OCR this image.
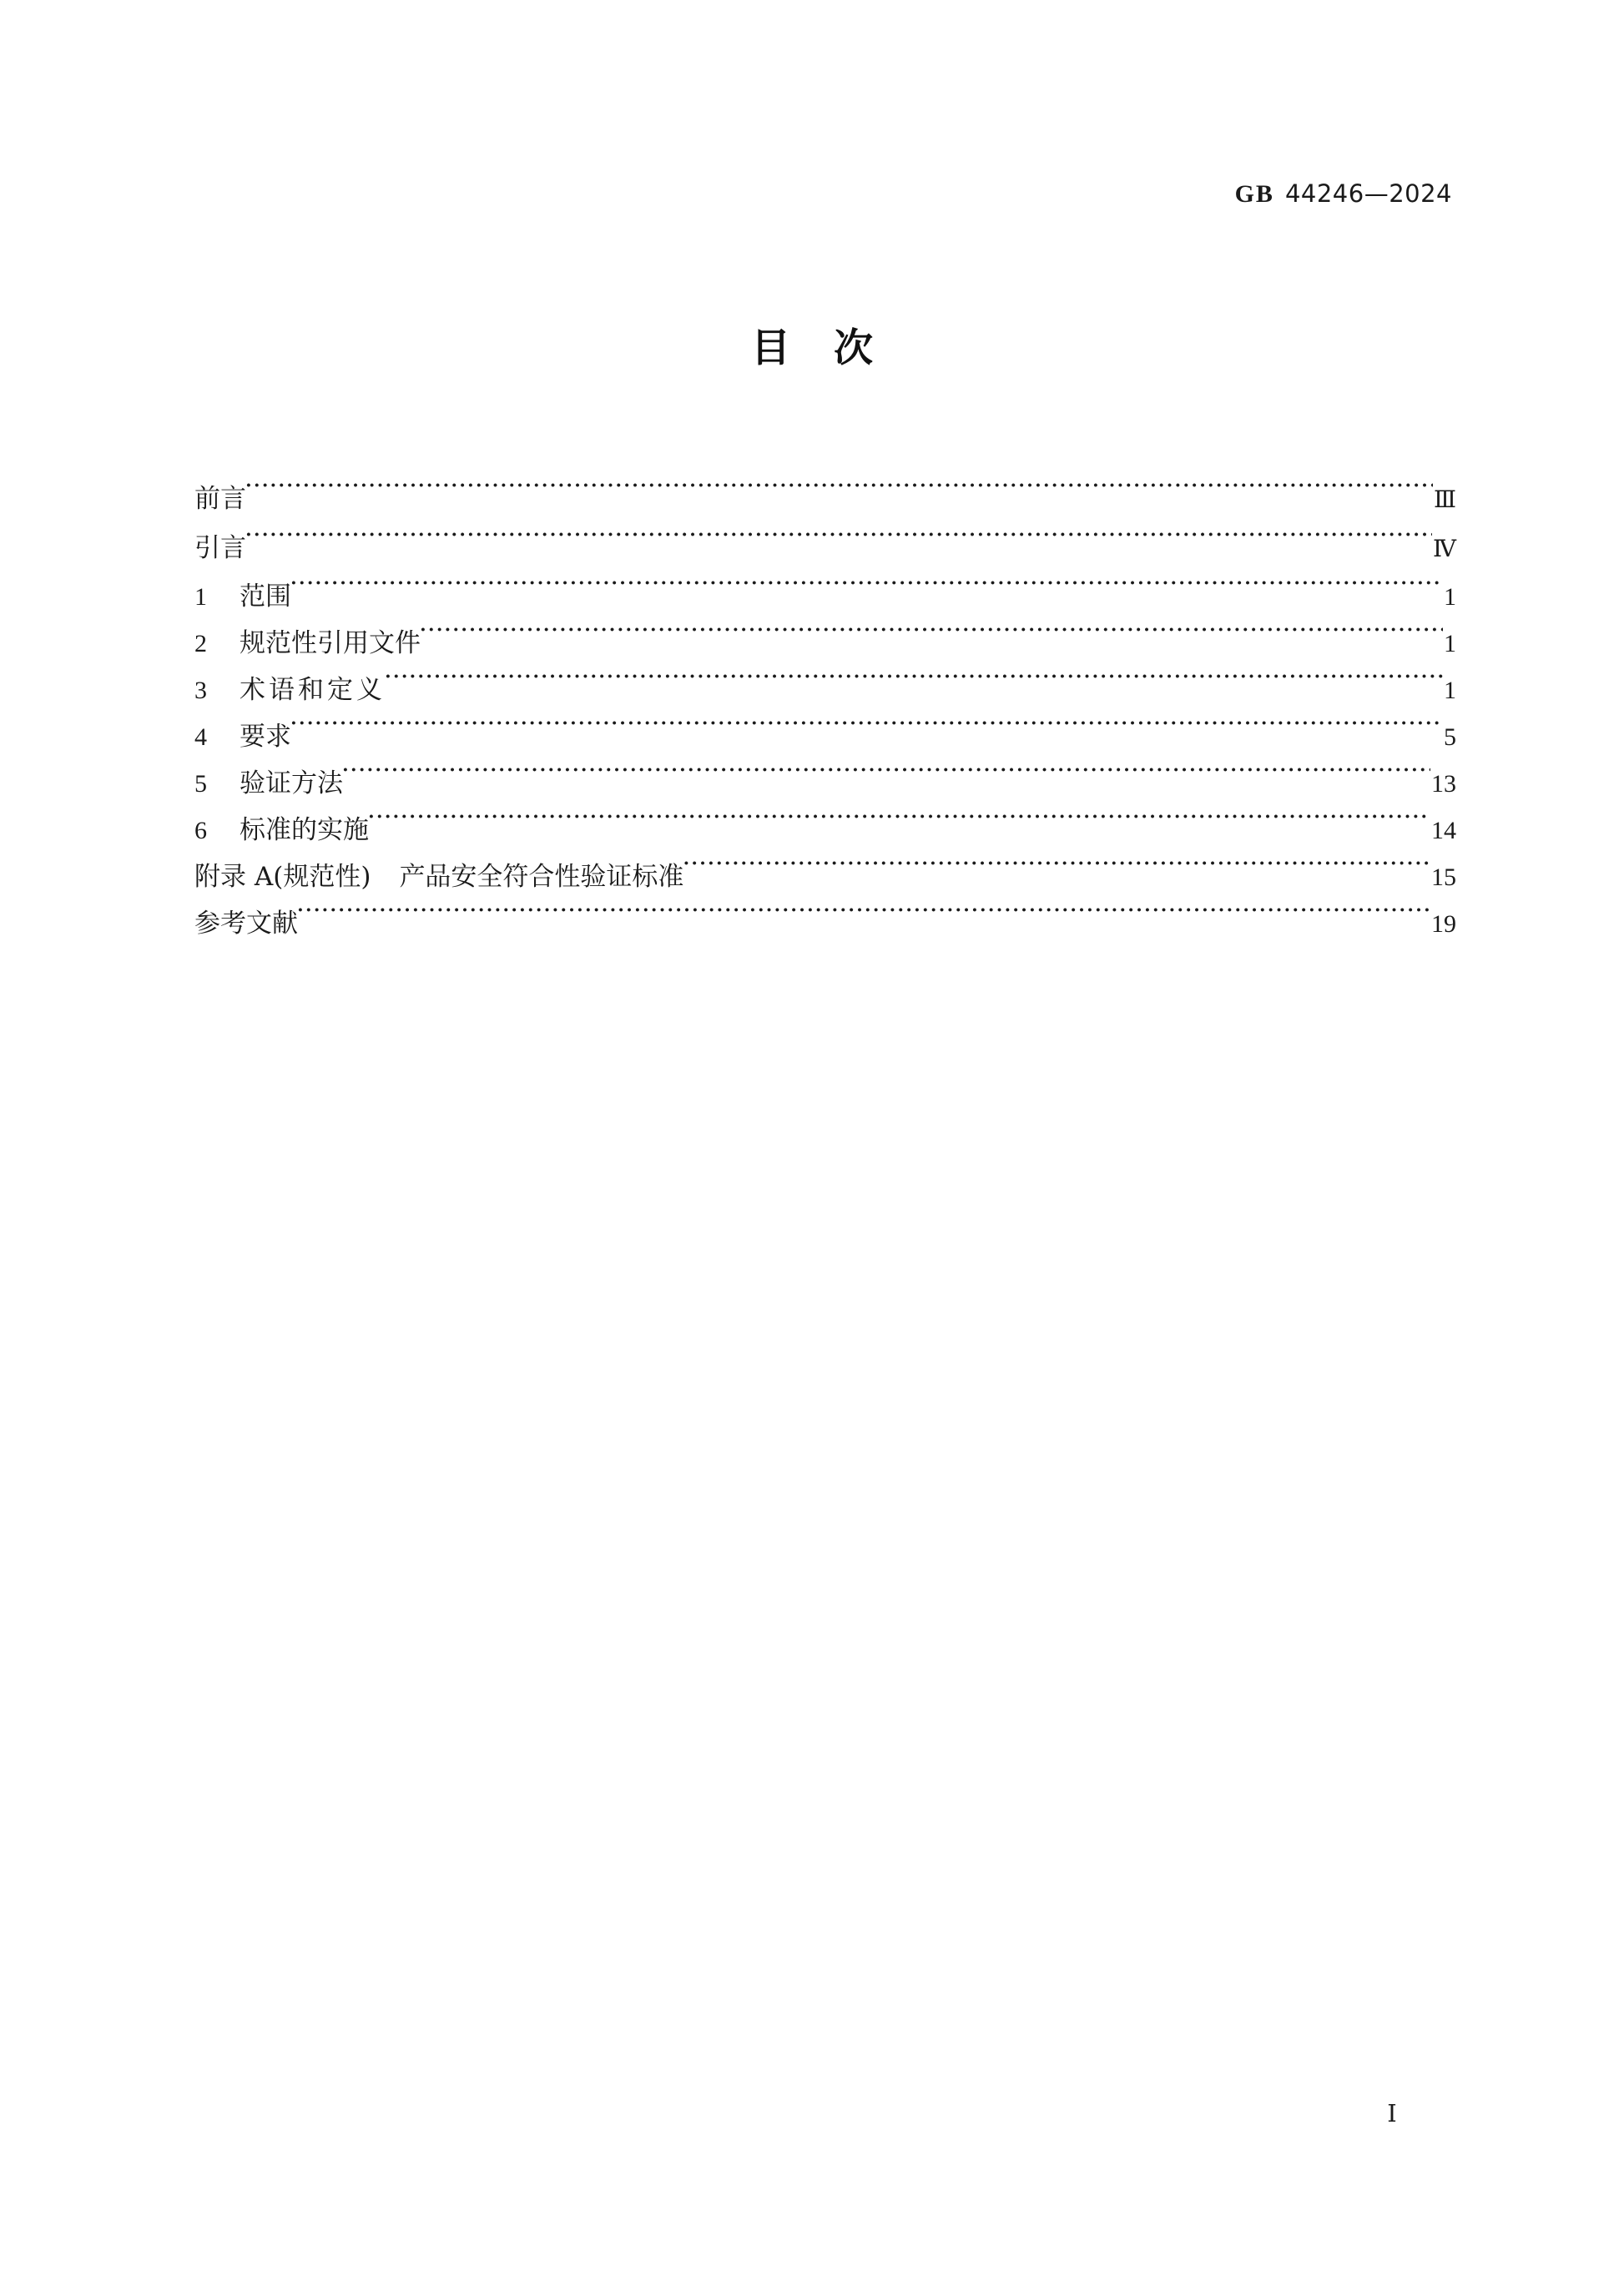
GB 44246—2024
目次
前言 ·····	Ⅲ
引言 ·····	Ⅳ
1 范围 ·····	1
2 规范性引用文件 ·····	1
3 术语和定义 ·····	1
4 要求 ·····	5
5 验证方法 ·····	13
6 标准的实施 ·····	14
附录 A(规范性) 产品安全符合性验证标准 ·····	15
参考文献 ·····	19
Ⅰ
